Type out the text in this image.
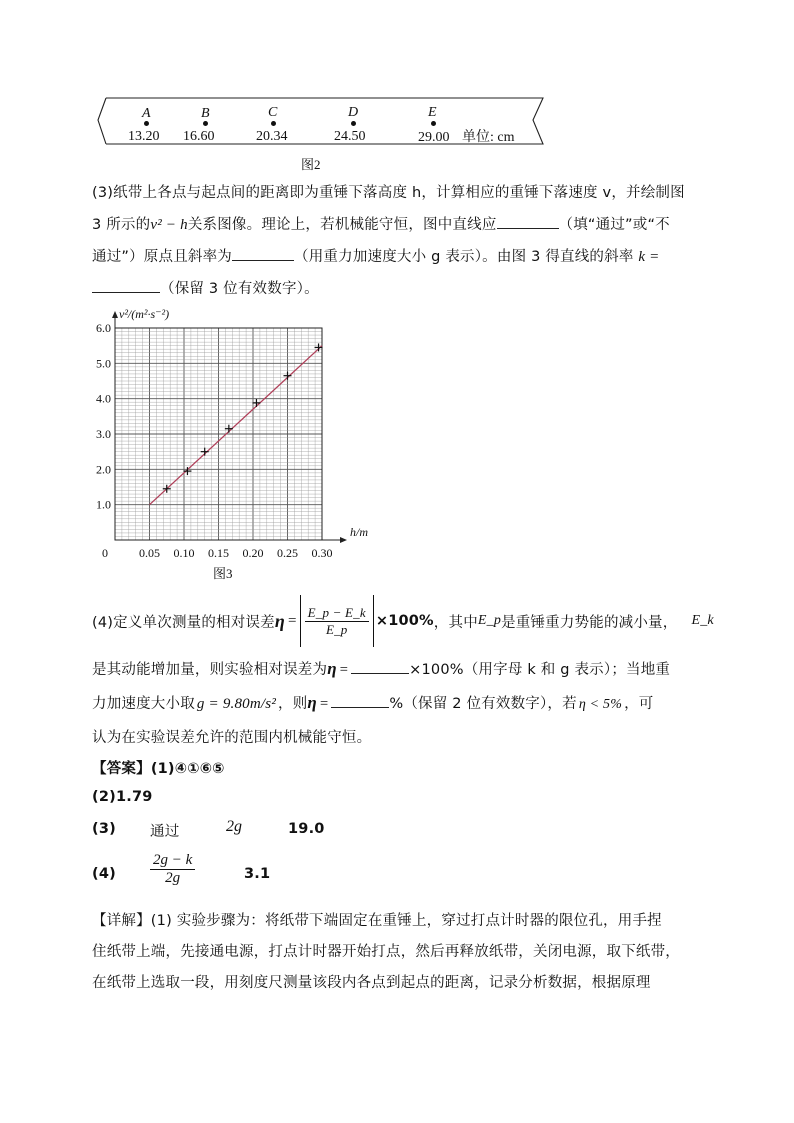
A
13.20
B
16.60
C
20.34
D
24.50
E
29.00 单位: cm
图2
(3)纸带上各点与起点间的距离即为重锤下落高度 h，计算相应的重锤下落速度 v，并绘制图
3 所示的v² − h关系图像。理论上，若机械能守恒，图中直线应	（填“通过”或“不
通过”）原点且斜率为	（用重力加速度大小 g 表示）。由图 3 得直线的斜率 k =
（保留 3 位有效数字）。
1.0
2.0
3.0
4.0
5.0
6.0
0	0.05 0.10 0.15 0.20 0.25 0.30
v²/(m²·s⁻²)
h/m
图3
(4)定义单次测量的相对误差 $\eta = \frac{E\_p - E\_k}{E\_p} \times 100\%$ ，其中 E_p 是重锤重力势能的减小量， E_k
是其动能增加量，则实验相对误差为η =	×100%（用字母 k 和 g 表示）；当地重
力加速度大小取 g = 9.80m/s² ，则η =	%（保留 2 位有效数字），若 η < 5% ，可
认为在实验误差允许的范围内机械能守恒。
【答案】(1)④①⑥⑤
(2)1.79
(3) 通过	2g	19.0
$(4) \frac{2g - k}{2g}$	3.1
【详解】(1) 实验步骤为：将纸带下端固定在重锤上，穿过打点计时器的限位孔，用手捏
住纸带上端，先接通电源，打点计时器开始打点，然后再释放纸带，关闭电源，取下纸带，
在纸带上选取一段，用刻度尺测量该段内各点到起点的距离，记录分析数据，根据原理
